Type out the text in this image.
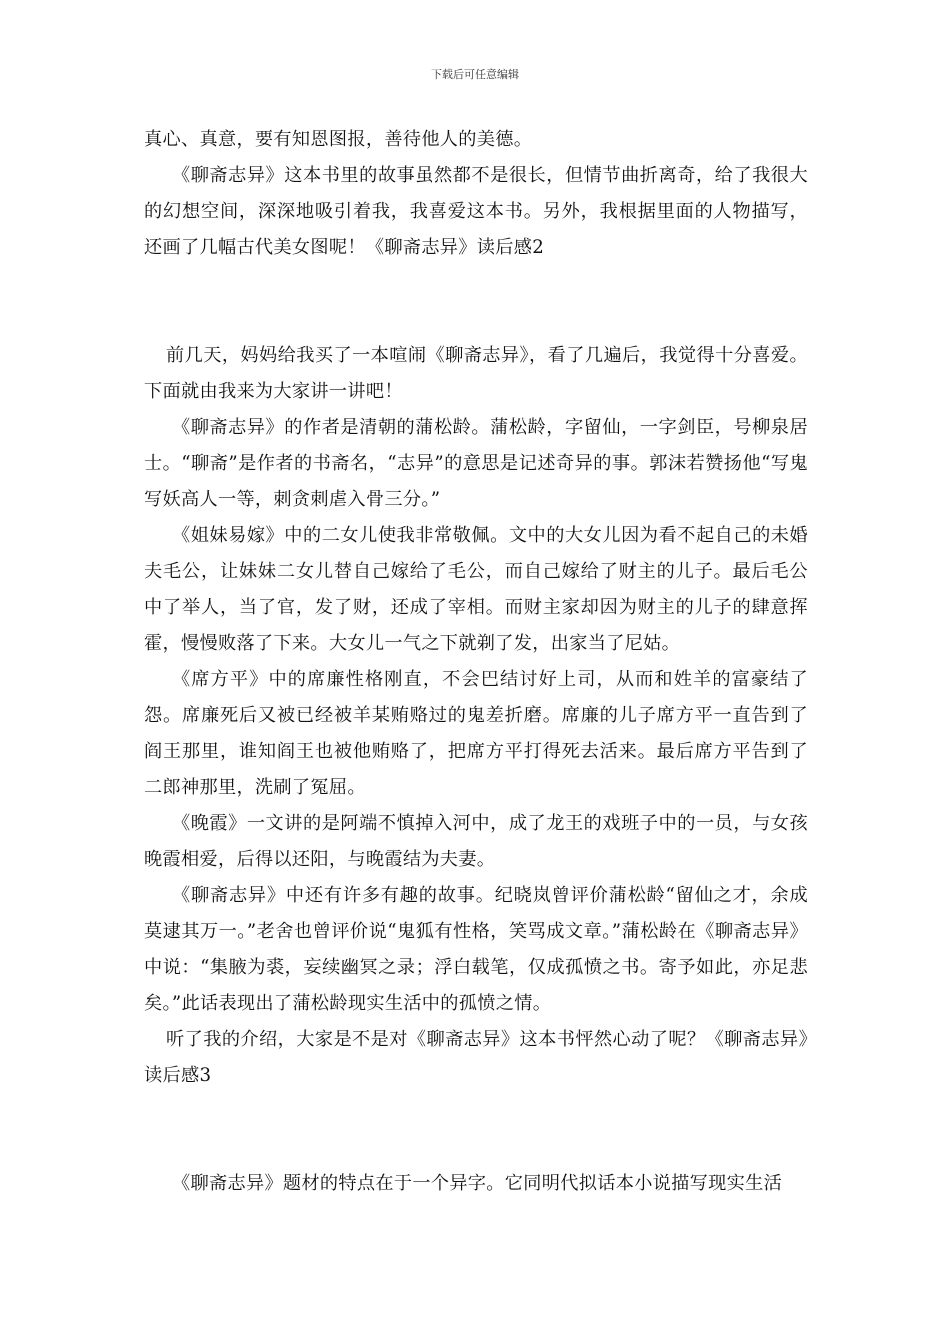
下载后可任意编辑

真心、真意，要有知恩图报，善待他人的美德。

《聊斋志异》这本书里的故事虽然都不是很长，但情节曲折离奇，给了我很大的幻想空间，深深地吸引着我，我喜爱这本书。另外，我根据里面的人物描写，还画了几幅古代美女图呢！《聊斋志异》读后感2

前几天，妈妈给我买了一本喧闹《聊斋志异》，看了几遍后，我觉得十分喜爱。下面就由我来为大家讲一讲吧！

《聊斋志异》的作者是清朝的蒲松龄。蒲松龄，字留仙，一字剑臣，号柳泉居士。“聊斋”是作者的书斋名，“志异”的意思是记述奇异的事。郭沫若赞扬他“写鬼写妖高人一等，刺贪刺虐入骨三分。”

《姐妹易嫁》中的二女儿使我非常敬佩。文中的大女儿因为看不起自己的未婚夫毛公，让妹妹二女儿替自己嫁给了毛公，而自己嫁给了财主的儿子。最后毛公中了举人，当了官，发了财，还成了宰相。而财主家却因为财主的儿子的肆意挥霍，慢慢败落了下来。大女儿一气之下就剃了发，出家当了尼姑。

《席方平》中的席廉性格刚直，不会巴结讨好上司，从而和姓羊的富豪结了怨。席廉死后又被已经被羊某贿赂过的鬼差折磨。席廉的儿子席方平一直告到了阎王那里，谁知阎王也被他贿赂了，把席方平打得死去活来。最后席方平告到了二郎神那里，洗刷了冤屈。

《晚霞》一文讲的是阿端不慎掉入河中，成了龙王的戏班子中的一员，与女孩晚霞相爱，后得以还阳，与晚霞结为夫妻。

《聊斋志异》中还有许多有趣的故事。纪晓岚曾评价蒲松龄“留仙之才，余成莫逮其万一。”老舍也曾评价说“鬼狐有性格，笑骂成文章。”蒲松龄在《聊斋志异》中说：“集腋为裘，妄续幽冥之录；浮白载笔，仅成孤愤之书。寄予如此，亦足悲矣。”此话表现出了蒲松龄现实生活中的孤愤之情。

听了我的介绍，大家是不是对《聊斋志异》这本书怦然心动了呢？《聊斋志异》读后感3

《聊斋志异》题材的特点在于一个异字。它同明代拟话本小说描写现实生活
